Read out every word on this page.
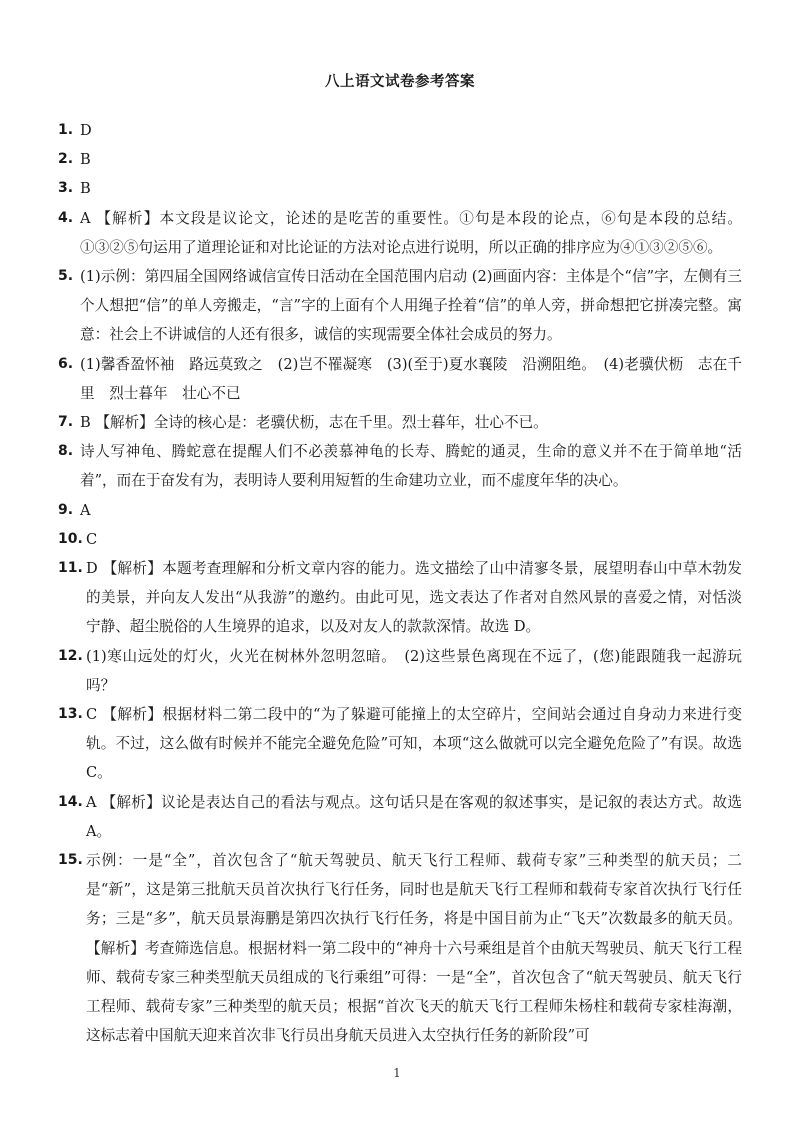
八上语文试卷参考答案
1. D
2. B
3. B
4. A 【解析】本文段是议论文，论述的是吃苦的重要性。①句是本段的论点，⑥句是本段的总结。①③②⑤句运用了道理论证和对比论证的方法对论点进行说明，所以正确的排序应为④①③②⑤⑥。
5. (1)示例：第四届全国网络诚信宣传日活动在全国范围内启动 (2)画面内容：主体是个“信”字，左侧有三个人想把“信”的单人旁搬走，“言”字的上面有个人用绳子拴着“信”的单人旁，拼命想把它拼凑完整。寓意：社会上不讲诚信的人还有很多，诚信的实现需要全体社会成员的努力。
6. (1)馨香盈怀袖　路远莫致之　(2)岂不罹凝寒　(3)(至于)夏水襄陵　沿溯阻绝。　(4)老骥伏枥　志在千里　烈士暮年　壮心不已
7. B 【解析】全诗的核心是：老骥伏枥，志在千里。烈士暮年，壮心不已。
8. 诗人写神龟、腾蛇意在提醒人们不必羡慕神龟的长寿、腾蛇的通灵，生命的意义并不在于简单地“活着”，而在于奋发有为，表明诗人要利用短暂的生命建功立业，而不虚度年华的决心。
9. A
10. C
11. D 【解析】本题考查理解和分析文章内容的能力。选文描绘了山中清寥冬景，展望明春山中草木勃发的美景，并向友人发出“从我游”的邀约。由此可见，选文表达了作者对自然风景的喜爱之情，对恬淡宁静、超尘脱俗的人生境界的追求，以及对友人的款款深情。故选 D。
12. (1)寒山远处的灯火，火光在树林外忽明忽暗。　(2)这些景色离现在不远了，(您)能跟随我一起游玩吗？
13. C 【解析】根据材料二第二段中的“为了躲避可能撞上的太空碎片，空间站会通过自身动力来进行变轨。不过，这么做有时候并不能完全避免危险”可知，本项“这么做就可以完全避免危险了”有误。故选 C。
14. A 【解析】议论是表达自己的看法与观点。这句话只是在客观的叙述事实，是记叙的表达方式。故选 A。
15. 示例：一是“全”，首次包含了“航天驾驶员、航天飞行工程师、载荷专家”三种类型的航天员；二是“新”，这是第三批航天员首次执行飞行任务，同时也是航天飞行工程师和载荷专家首次执行飞行任务；三是“多”，航天员景海鹏是第四次执行飞行任务，将是中国目前为止“飞天”次数最多的航天员。 【解析】考查筛选信息。根据材料一第二段中的“神舟十六号乘组是首个由航天驾驶员、航天飞行工程师、载荷专家三种类型航天员组成的飞行乘组”可得：一是“全”，首次包含了“航天驾驶员、航天飞行工程师、载荷专家”三种类型的航天员；根据“首次飞天的航天飞行工程师朱杨柱和载荷专家桂海潮，这标志着中国航天迎来首次非飞行员出身航天员进入太空执行任务的新阶段”可
1
